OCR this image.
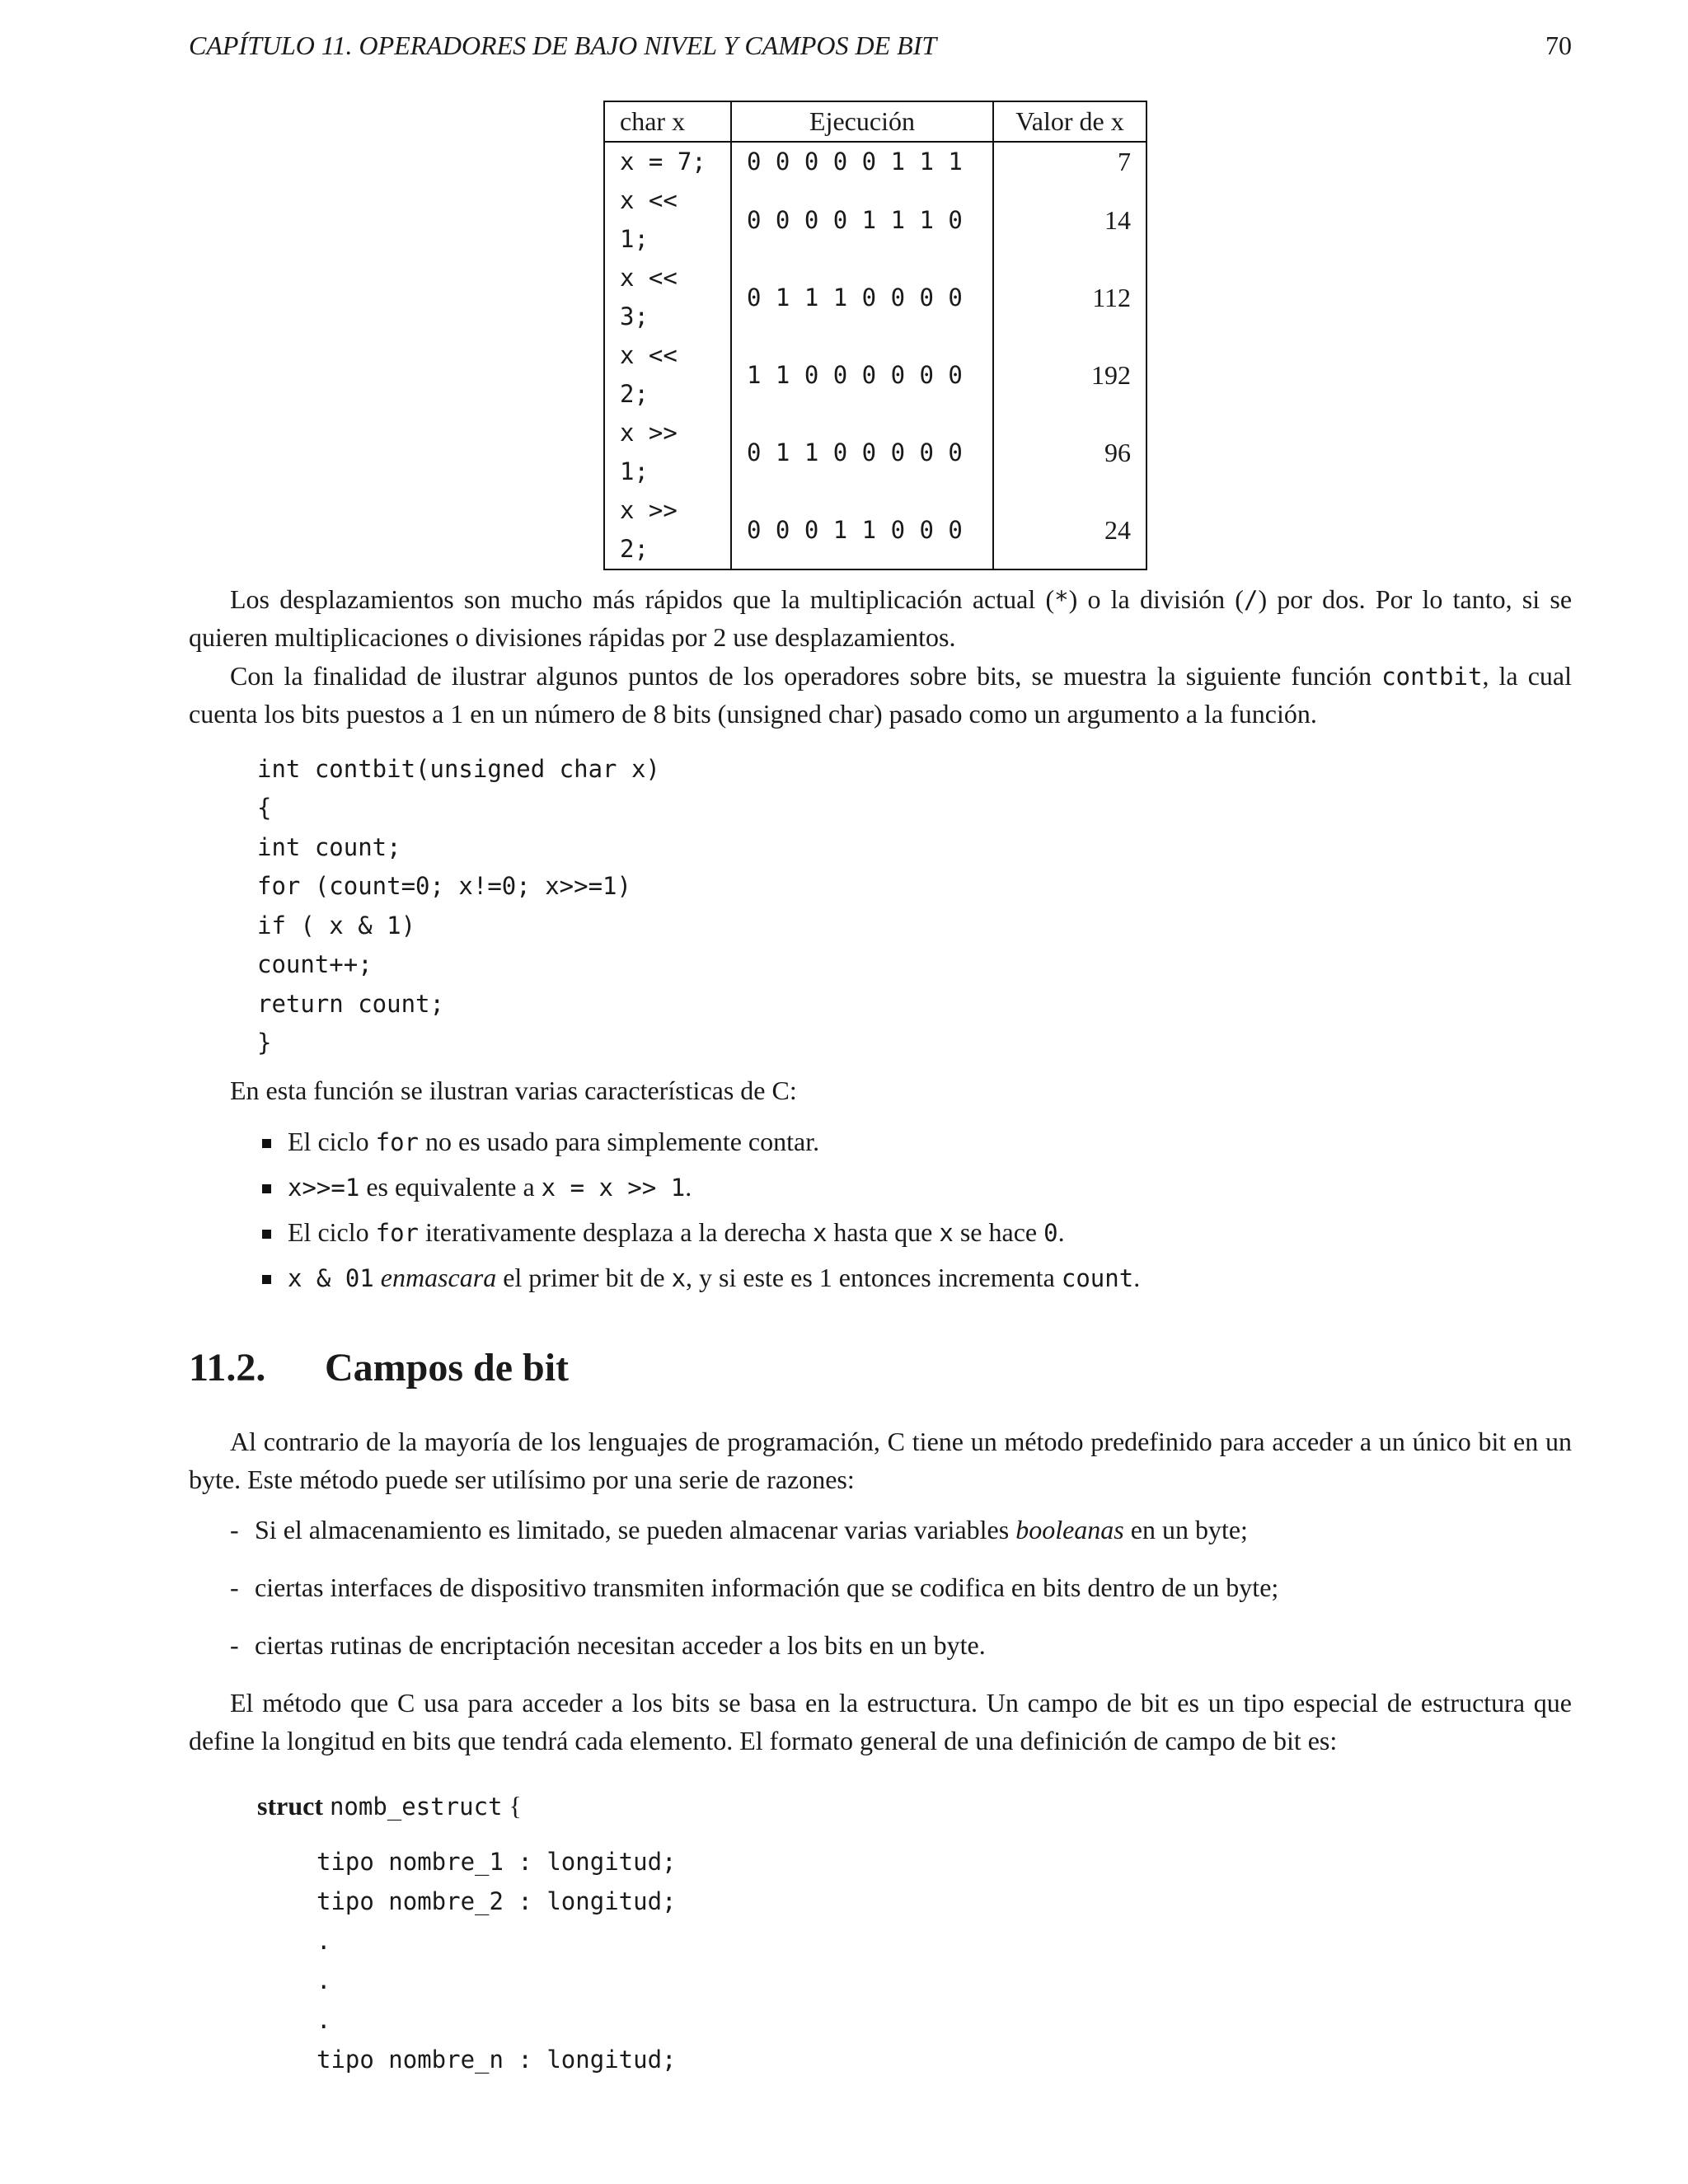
CAPÍTULO 11. OPERADORES DE BAJO NIVEL Y CAMPOS DE BIT	70
char x	Ejecución	Valor de x
x = 7;	0 0 0 0 0 1 1 1	7
x << 1;	0 0 0 0 1 1 1 0	14
x << 3;	0 1 1 1 0 0 0 0	112
x << 2;	1 1 0 0 0 0 0 0	192
x >> 1;	0 1 1 0 0 0 0 0	96
x >> 2;	0 0 0 1 1 0 0 0	24

Los desplazamientos son mucho más rápidos que la multiplicación actual (*) o la división (/) por dos. Por lo tanto, si se quieren multiplicaciones o divisiones rápidas por 2 use desplazamientos.

Con la finalidad de ilustrar algunos puntos de los operadores sobre bits, se muestra la siguiente función contbit, la cual cuenta los bits puestos a 1 en un número de 8 bits (unsigned char) pasado como un argumento a la función.

int contbit(unsigned char x)
{
int count;
for (count=0; x!=0; x>>=1)
if ( x & 1)
count++;
return count;
}

En esta función se ilustran varias características de C:

El ciclo for no es usado para simplemente contar.
x>>=1 es equivalente a x = x >> 1.
El ciclo for iterativamente desplaza a la derecha x hasta que x se hace 0.
x & 01 enmascara el primer bit de x, y si este es 1 entonces incrementa count.
11.2.	Campos de bit

Al contrario de la mayoría de los lenguajes de programación, C tiene un método predefinido para acceder a un único bit en un byte. Este método puede ser utilísimo por una serie de razones:

- Si el almacenamiento es limitado, se pueden almacenar varias variables booleanas en un byte;
- ciertas interfaces de dispositivo transmiten información que se codifica en bits dentro de un byte;
- ciertas rutinas de encriptación necesitan acceder a los bits en un byte.

El método que C usa para acceder a los bits se basa en la estructura. Un campo de bit es un tipo especial de estructura que define la longitud en bits que tendrá cada elemento. El formato general de una definición de campo de bit es:

struct nomb_estruct {
tipo nombre_1 : longitud;
tipo nombre_2 : longitud;
.
.
.
tipo nombre_n : longitud;
